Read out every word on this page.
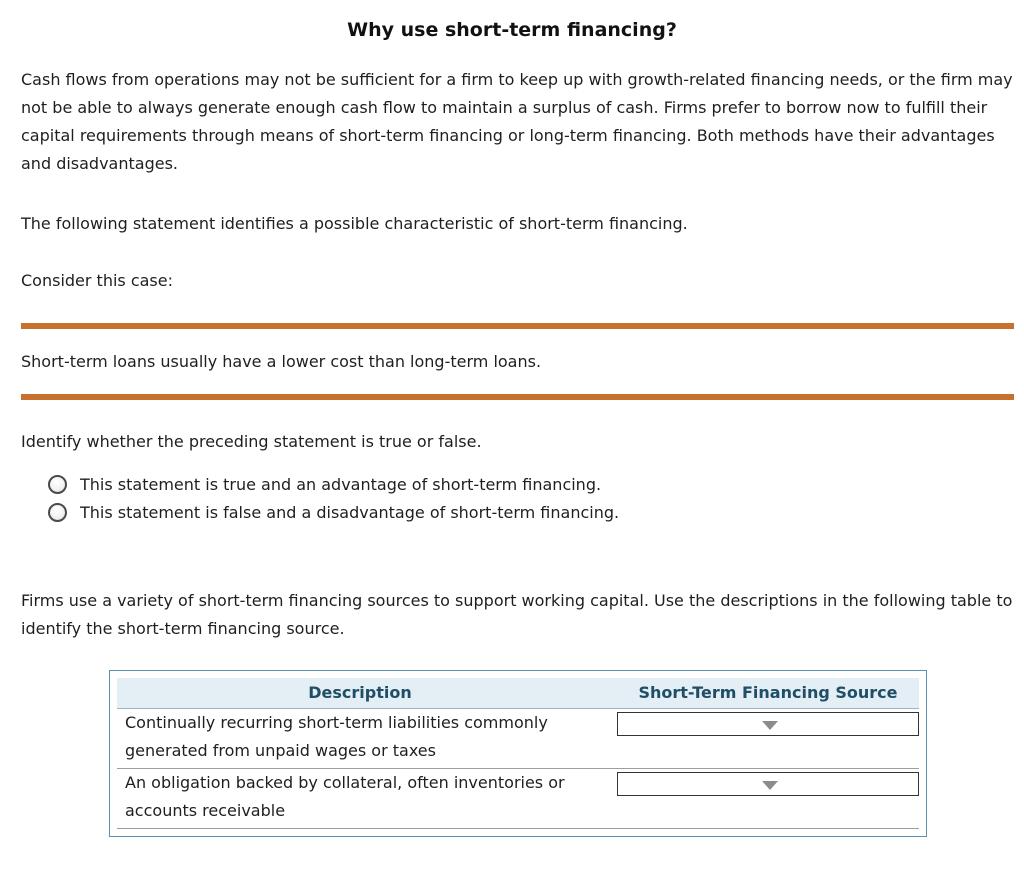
Why use short-term financing?

Cash flows from operations may not be sufficient for a firm to keep up with growth-related financing needs, or the firm may not be able to always generate enough cash flow to maintain a surplus of cash. Firms prefer to borrow now to fulfill their capital requirements through means of short-term financing or long-term financing. Both methods have their advantages and disadvantages.

The following statement identifies a possible characteristic of short-term financing.

Consider this case:

Short-term loans usually have a lower cost than long-term loans.

Identify whether the preceding statement is true or false.

This statement is true and an advantage of short-term financing.
This statement is false and a disadvantage of short-term financing.

Firms use a variety of short-term financing sources to support working capital. Use the descriptions in the following table to identify the short-term financing source.

Description	Short-Term Financing Source
Continually recurring short-term liabilities commonly generated from unpaid wages or taxes
An obligation backed by collateral, often inventories or accounts receivable
